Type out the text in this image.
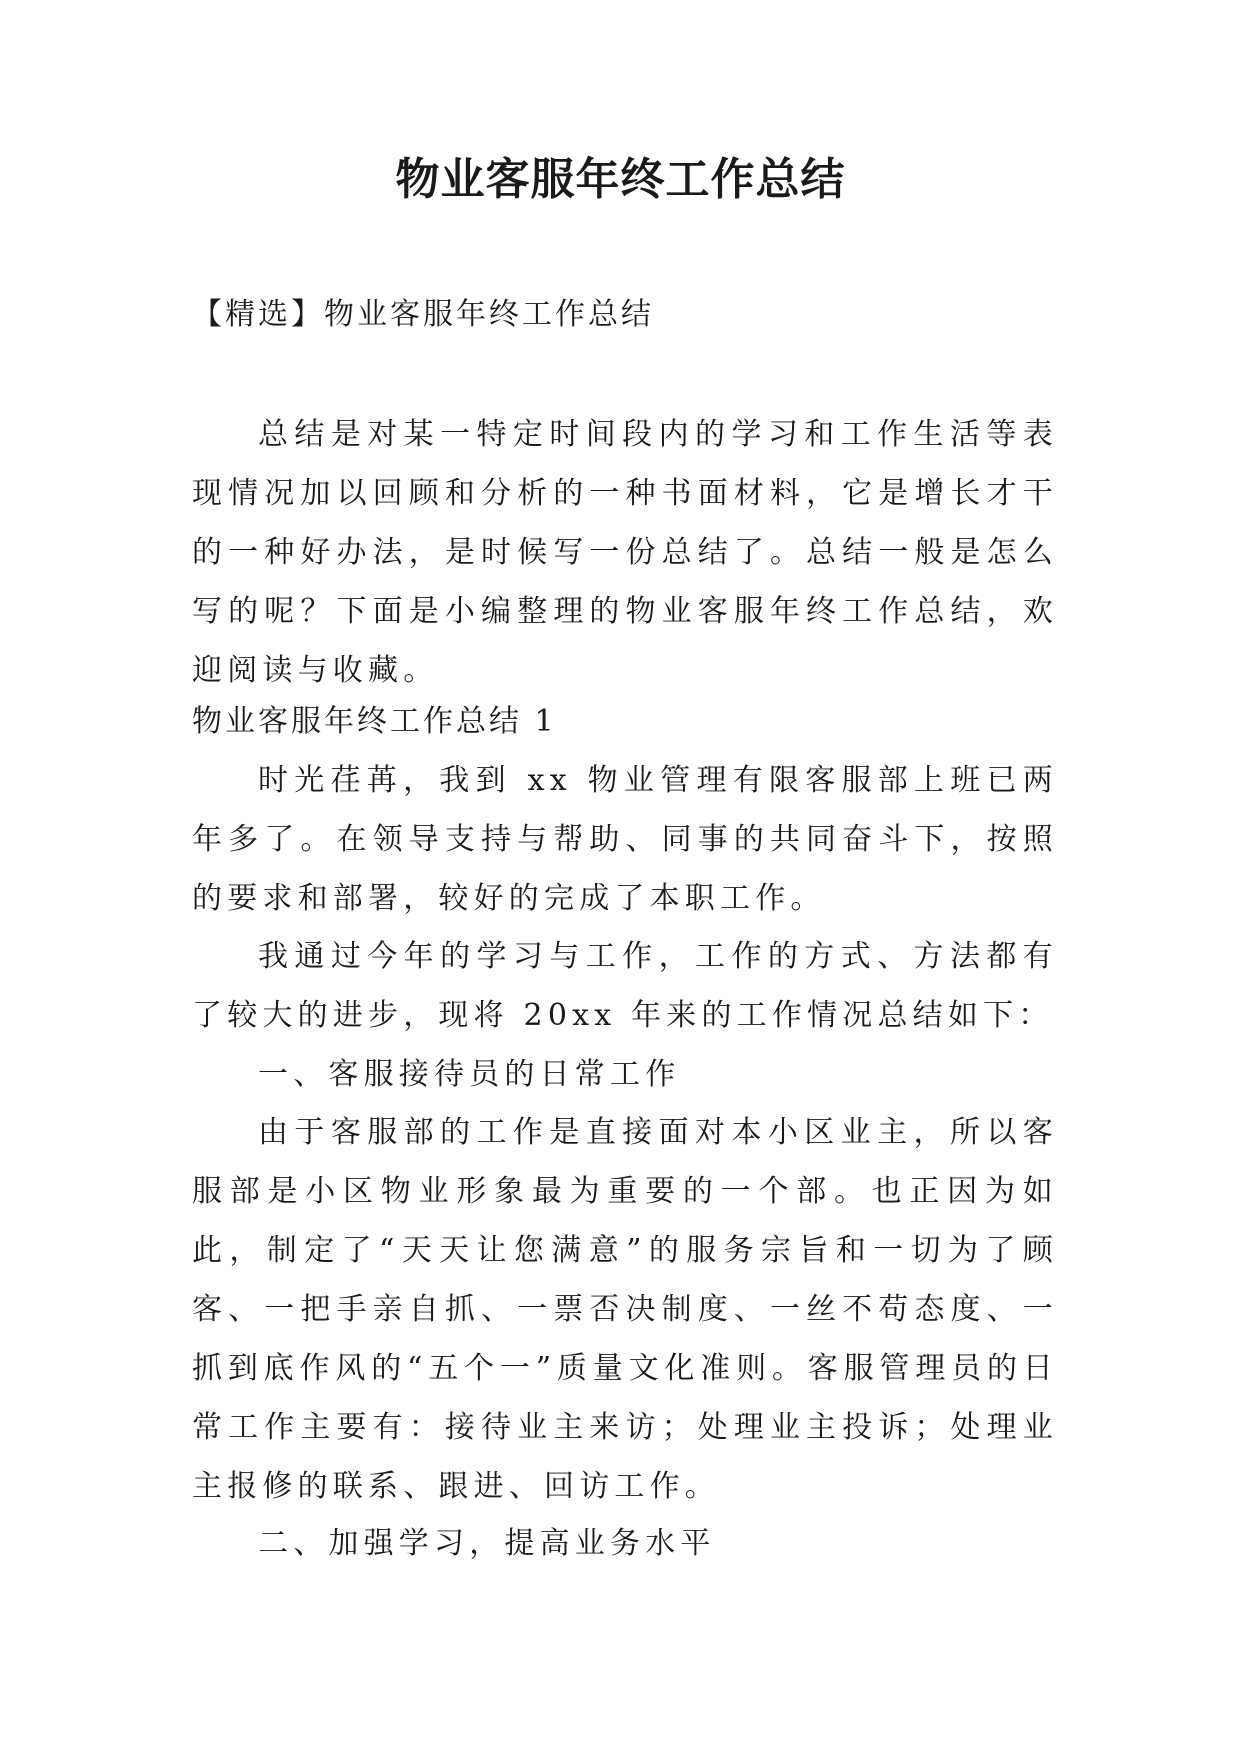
物业客服年终工作总结

【精选】物业客服年终工作总结

总结是对某一特定时间段内的学习和工作生活等表现情况加以回顾和分析的一种书面材料，它是增长才干的一种好办法，是时候写一份总结了。总结一般是怎么写的呢？下面是小编整理的物业客服年终工作总结，欢迎阅读与收藏。

物业客服年终工作总结 1

时光荏苒，我到 xx 物业管理有限客服部上班已两年多了。在领导支持与帮助、同事的共同奋斗下，按照的要求和部署，较好的完成了本职工作。

我通过今年的学习与工作，工作的方式、方法都有了较大的进步，现将 20xx 年来的工作情况总结如下：

一、客服接待员的日常工作

由于客服部的工作是直接面对本小区业主，所以客服部是小区物业形象最为重要的一个部。也正因为如此，制定了“天天让您满意”的服务宗旨和一切为了顾客、一把手亲自抓、一票否决制度、一丝不苟态度、一抓到底作风的“五个一”质量文化准则。客服管理员的日常工作主要有：接待业主来访；处理业主投诉；处理业主报修的联系、跟进、回访工作。

二、加强学习，提高业务水平
